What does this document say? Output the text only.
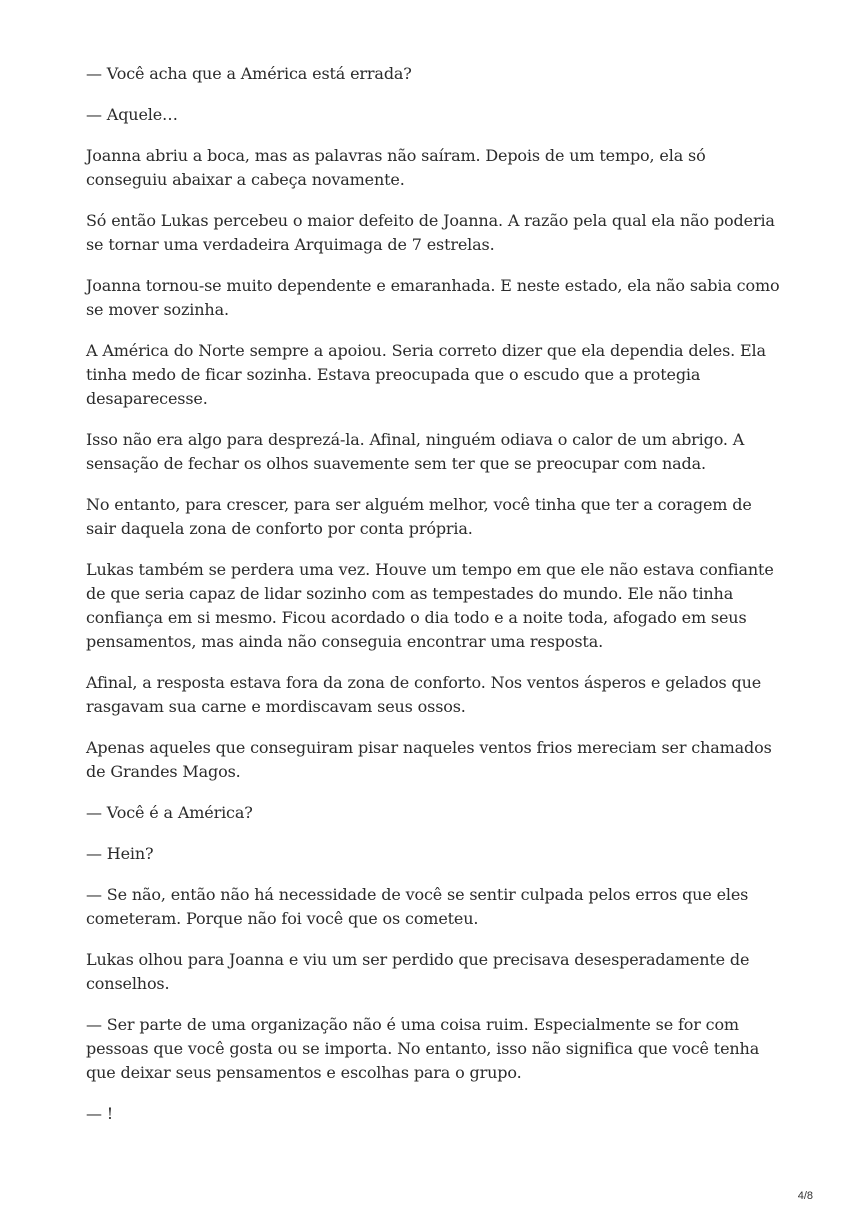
— Você acha que a América está errada?

— Aquele…

Joanna abriu a boca, mas as palavras não saíram. Depois de um tempo, ela só conseguiu abaixar a cabeça novamente.

Só então Lukas percebeu o maior defeito de Joanna. A razão pela qual ela não poderia se tornar uma verdadeira Arquimaga de 7 estrelas.

Joanna tornou-se muito dependente e emaranhada. E neste estado, ela não sabia como se mover sozinha.

A América do Norte sempre a apoiou. Seria correto dizer que ela dependia deles. Ela tinha medo de ficar sozinha. Estava preocupada que o escudo que a protegia desaparecesse.

Isso não era algo para desprezá-la. Afinal, ninguém odiava o calor de um abrigo. A sensação de fechar os olhos suavemente sem ter que se preocupar com nada.

No entanto, para crescer, para ser alguém melhor, você tinha que ter a coragem de sair daquela zona de conforto por conta própria.

Lukas também se perdera uma vez. Houve um tempo em que ele não estava confiante de que seria capaz de lidar sozinho com as tempestades do mundo. Ele não tinha confiança em si mesmo. Ficou acordado o dia todo e a noite toda, afogado em seus pensamentos, mas ainda não conseguia encontrar uma resposta.

Afinal, a resposta estava fora da zona de conforto. Nos ventos ásperos e gelados que rasgavam sua carne e mordiscavam seus ossos.

Apenas aqueles que conseguiram pisar naqueles ventos frios mereciam ser chamados de Grandes Magos.

— Você é a América?

— Hein?

— Se não, então não há necessidade de você se sentir culpada pelos erros que eles cometeram. Porque não foi você que os cometeu.

Lukas olhou para Joanna e viu um ser perdido que precisava desesperadamente de conselhos.

— Ser parte de uma organização não é uma coisa ruim. Especialmente se for com pessoas que você gosta ou se importa. No entanto, isso não significa que você tenha que deixar seus pensamentos e escolhas para o grupo.

— !

4/8
